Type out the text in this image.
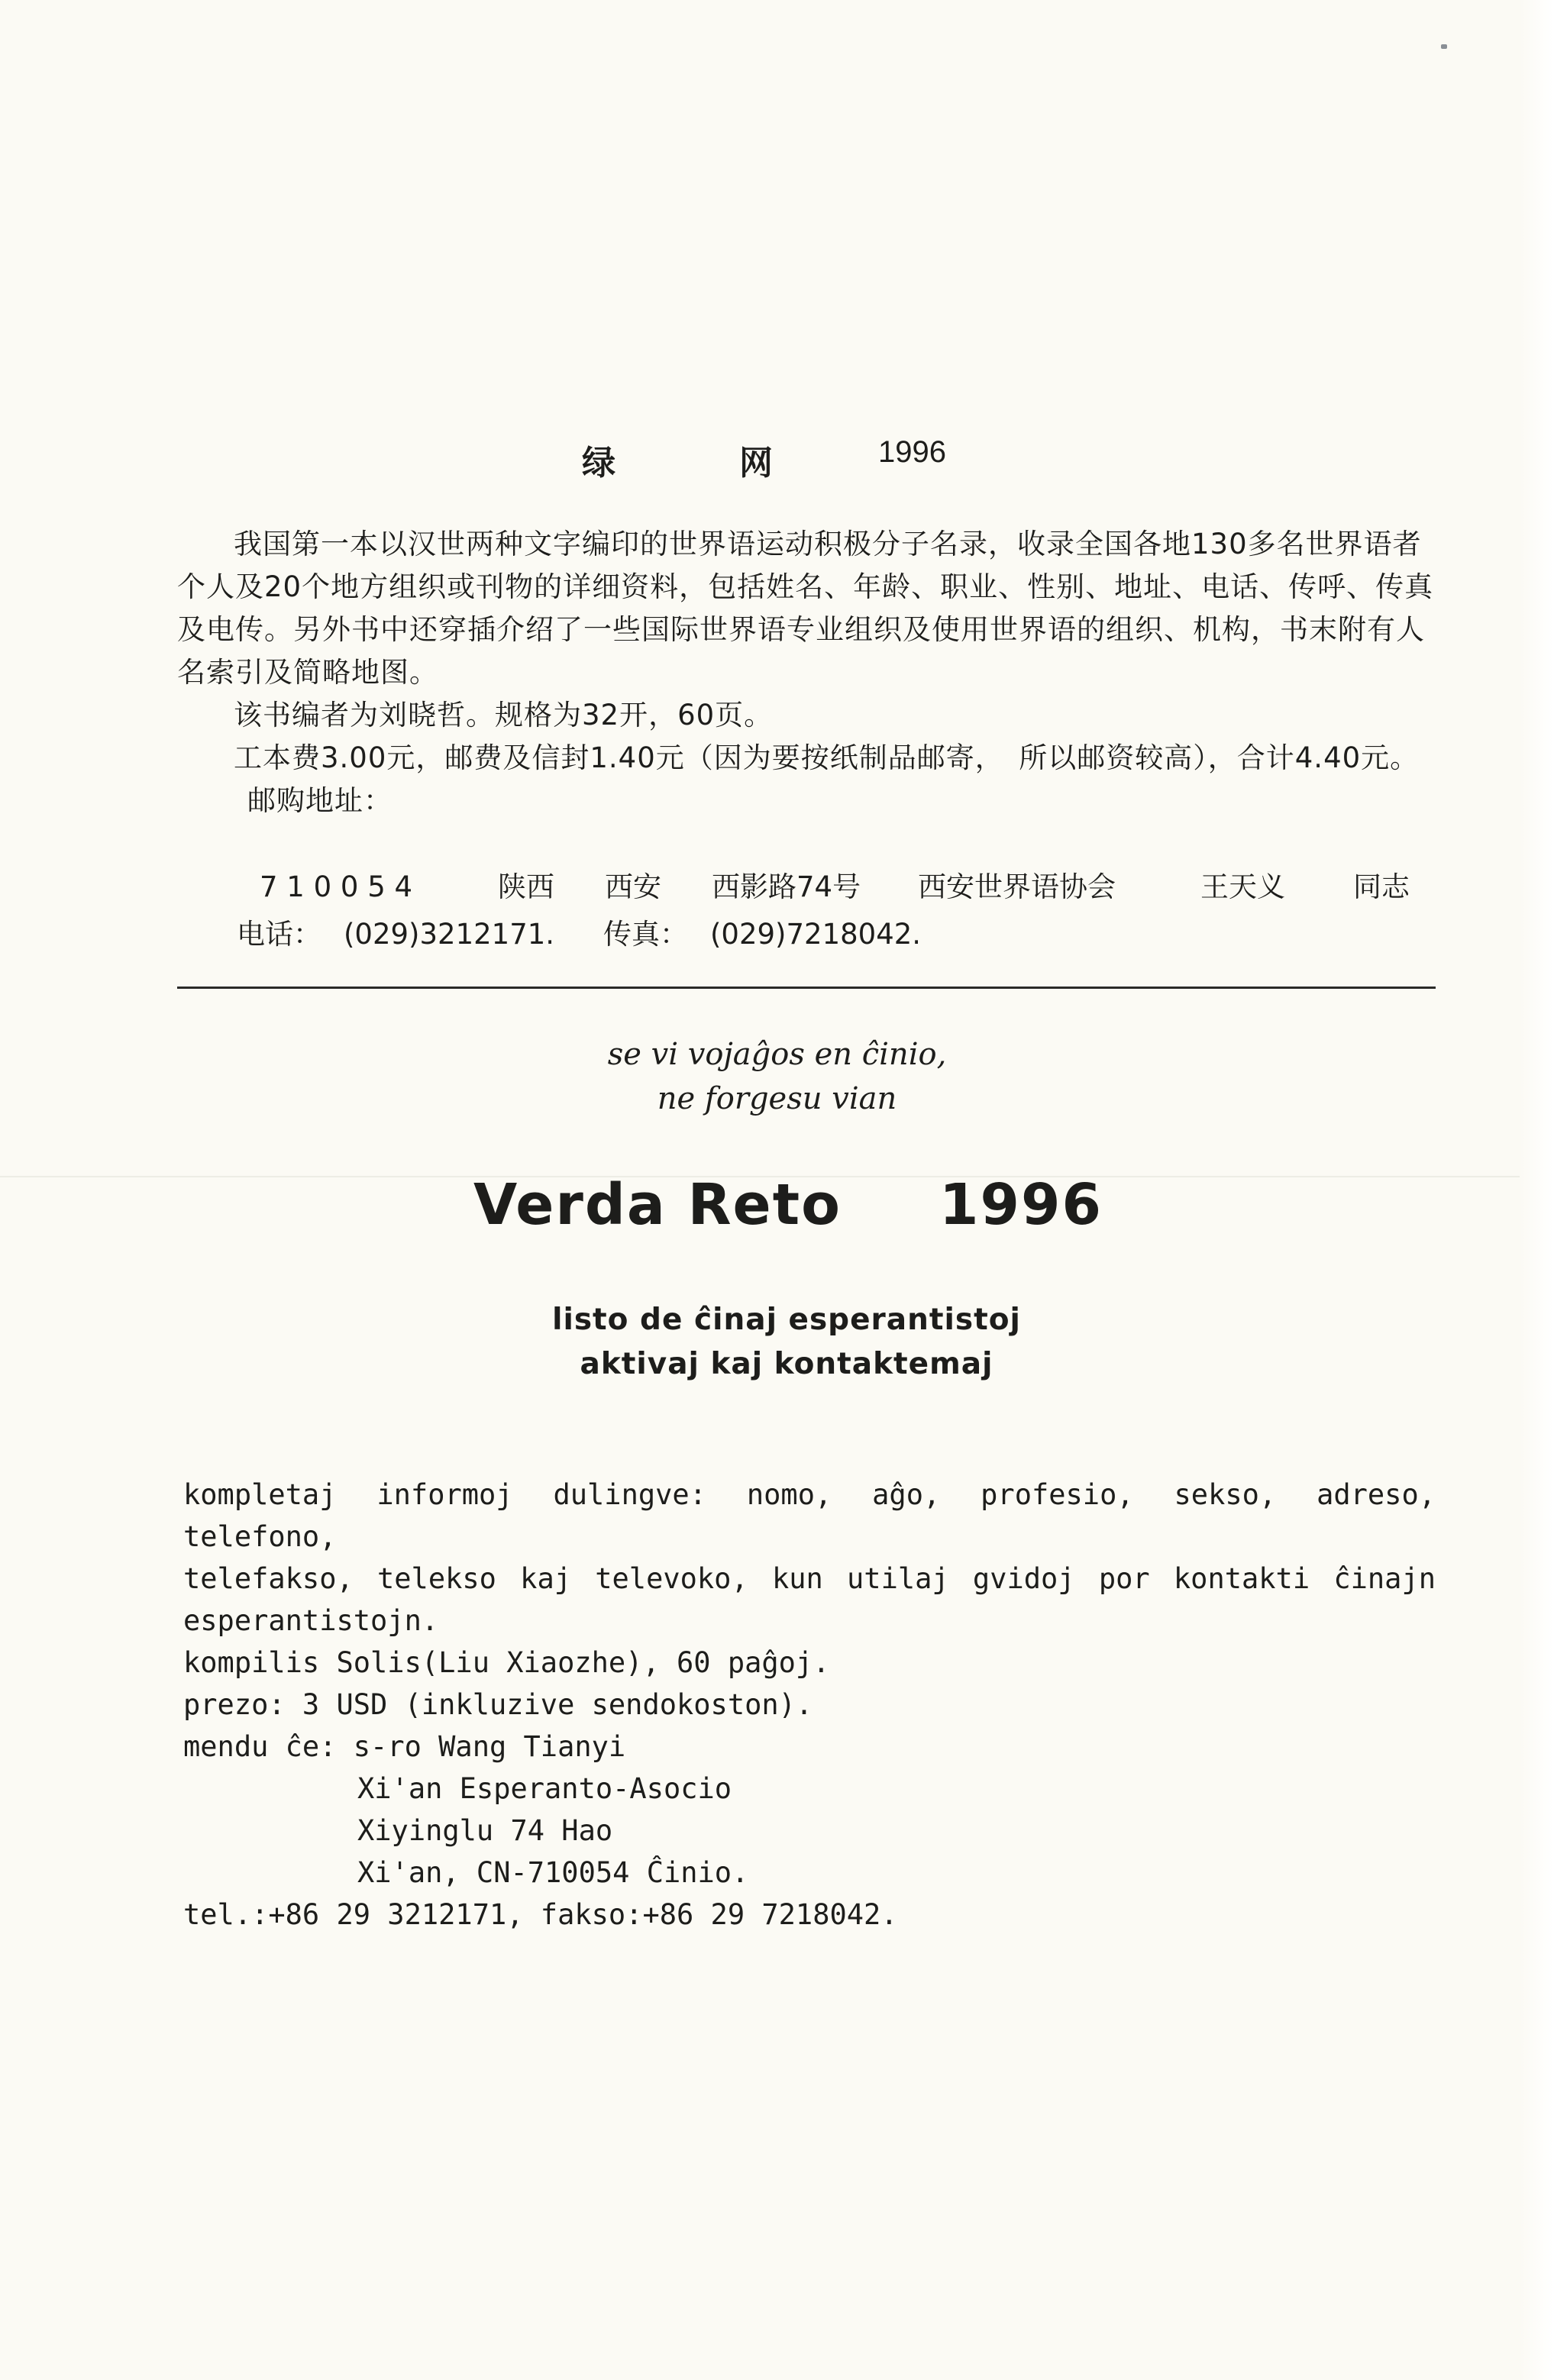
绿	网	1996

我国第一本以汉世两种文字编印的世界语运动积极分子名录，收录全国各地130多名世界语者个人及20个地方组织或刊物的详细资料，包括姓名、年龄、职业、性别、地址、电话、传呼、传真及电传。另外书中还穿插介绍了一些国际世界语专业组织及使用世界语的组织、机构，书末附有人名索引及简略地图。

该书编者为刘晓哲。规格为32开，60页。

工本费3.00元，邮费及信封1.40元（因为要按纸制品邮寄，　所以邮资较高），合计4.40元。

邮购地址：

7 1 0 0 5 4	陕西 西安 西影路74号 西安世界语协会	王天义 同志
电话： (029)3212171. 传真： (029)7218042.
se vi vojaĝos en ĉinio,
ne forgesu vian
Verda Reto 1996
listo de ĉinaj esperantistoj
aktivaj kaj kontaktemaj

kompletaj informoj dulingve: nomo, aĝo, profesio, sekso, adreso, telefono,

telefakso, telekso kaj televoko, kun utilaj gvidoj por kontakti ĉinajn

esperantistojn.

kompilis Solis(Liu Xiaozhe), 60 paĝoj.

prezo: 3 USD (inkluzive sendokoston).

mendu ĉe: s-ro Wang Tianyi

Xi'an Esperanto-Asocio

Xiyinglu 74 Hao

Xi'an, CN-710054 Ĉinio.

tel.:+86 29 3212171, fakso:+86 29 7218042.
